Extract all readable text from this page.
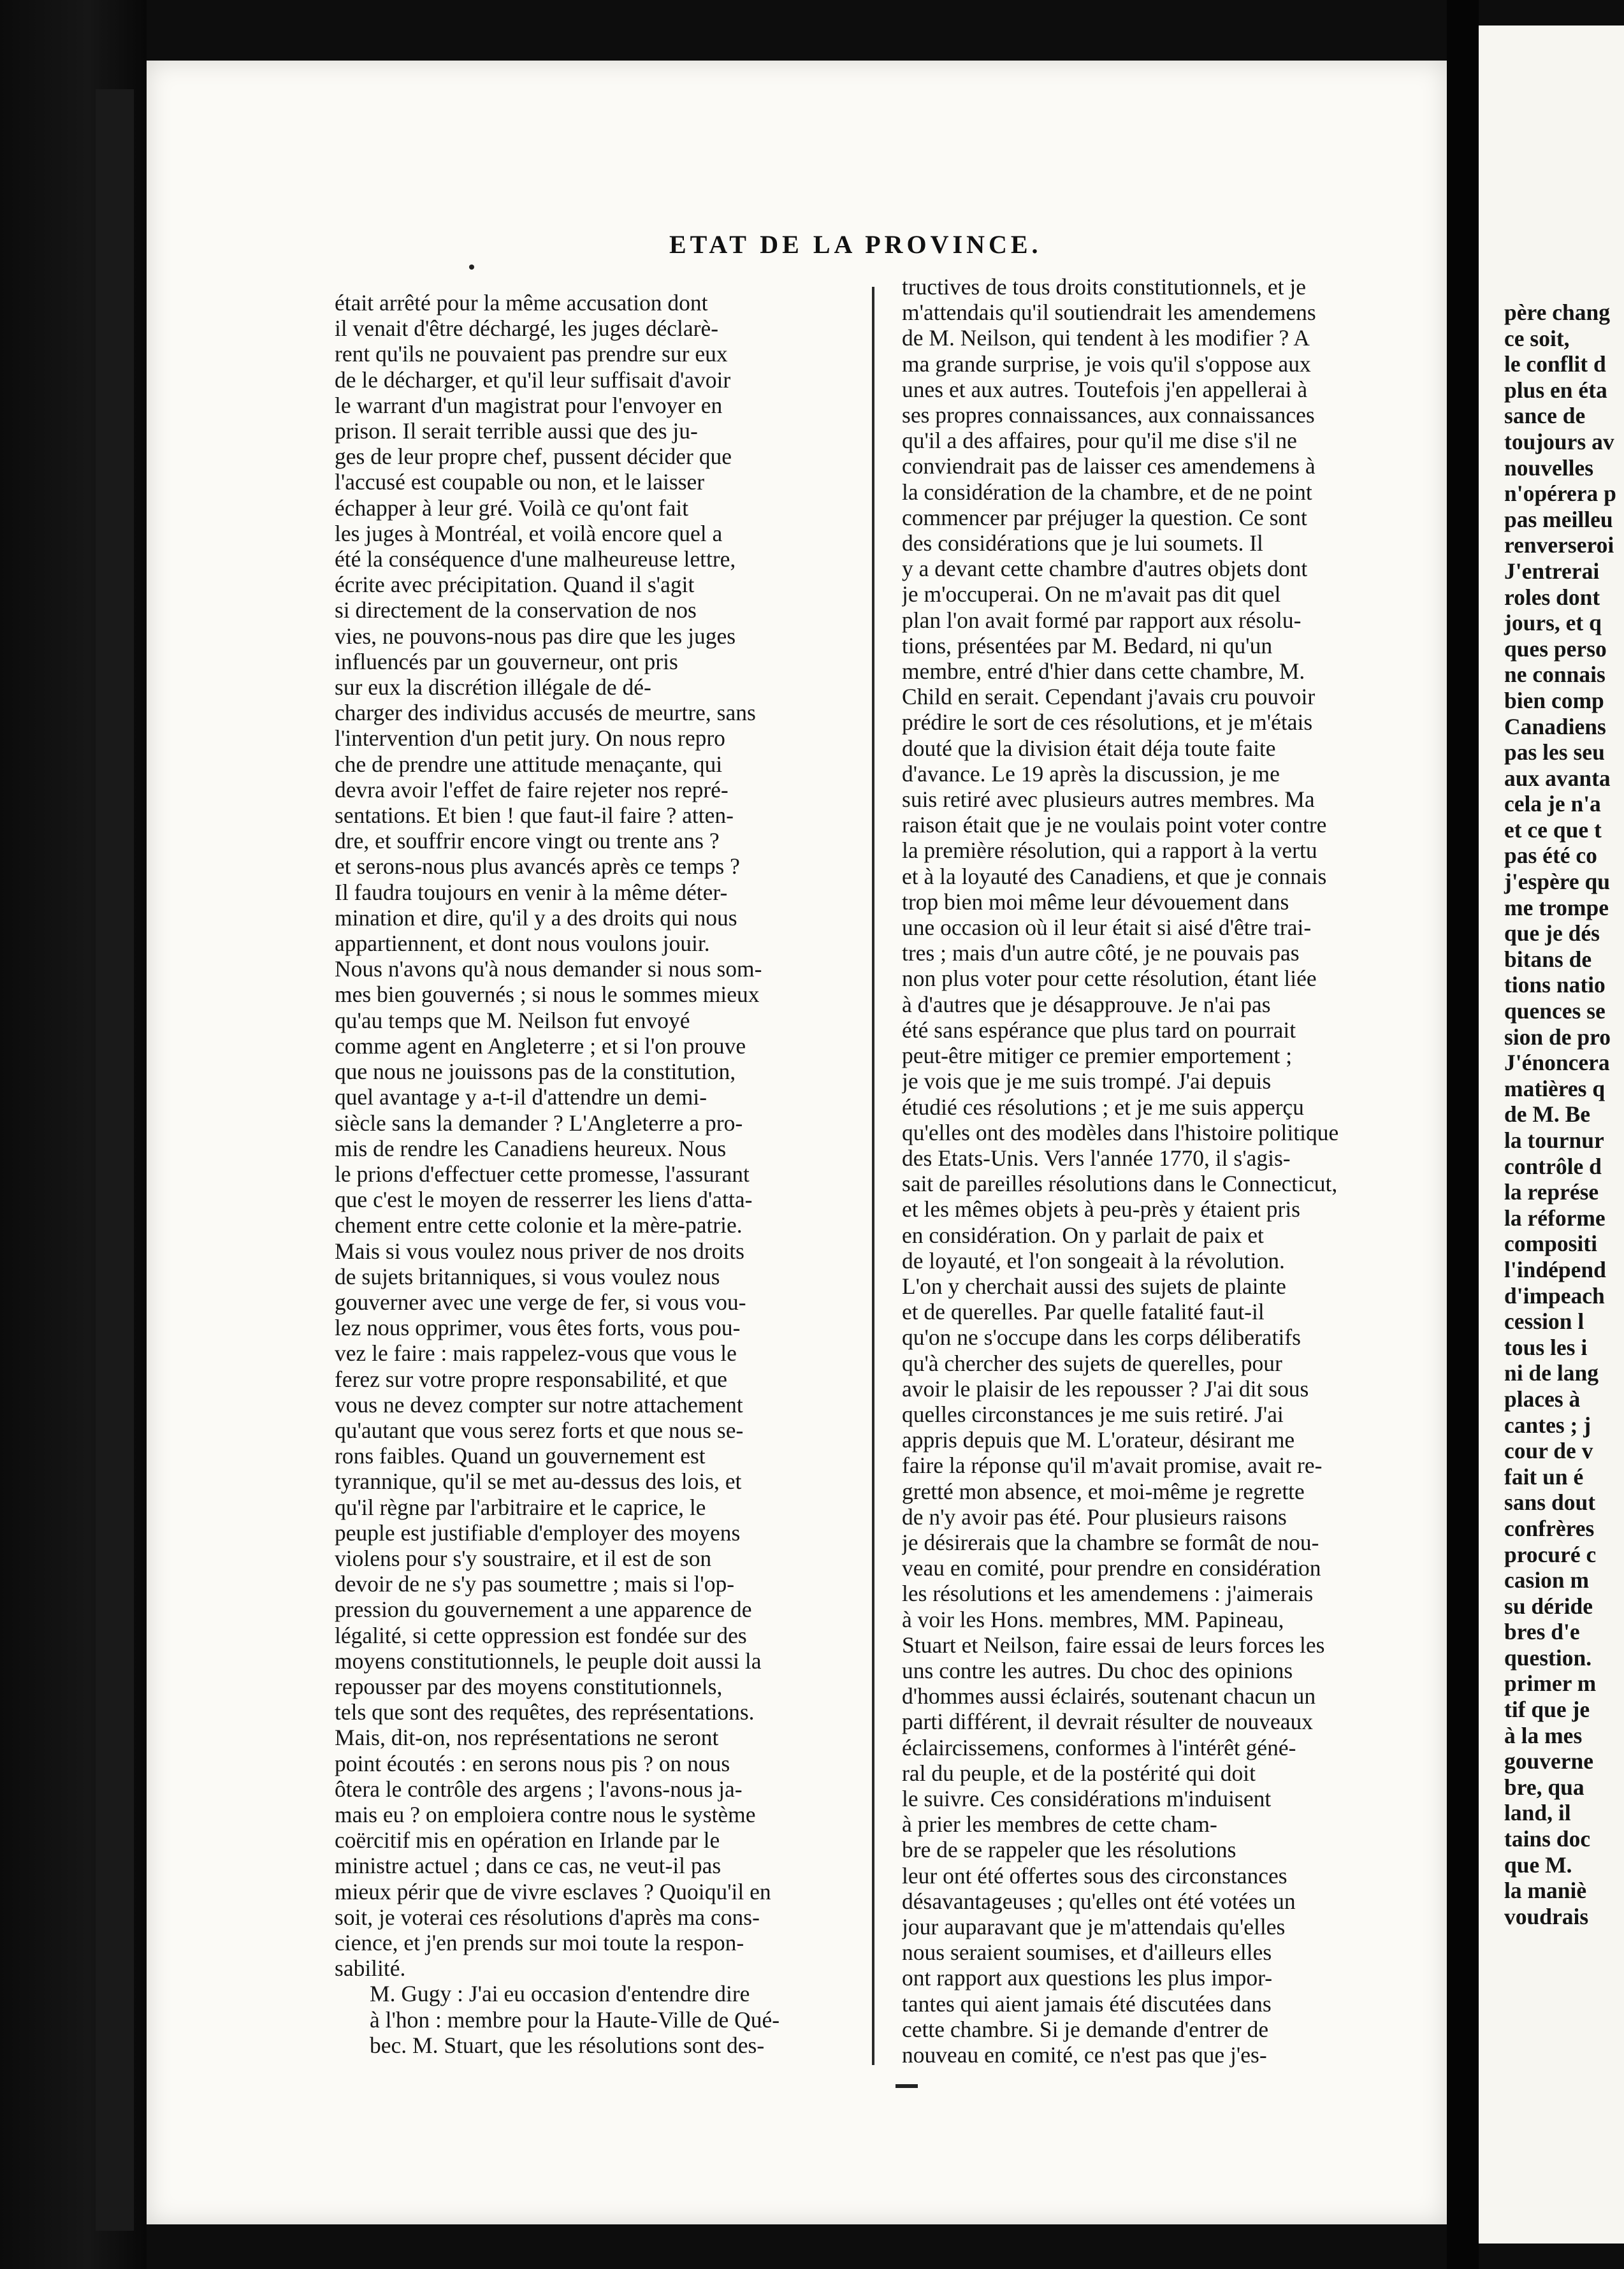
ETAT DE LA PROVINCE.

était arrêté pour la même accusation dont
il venait d'être déchargé, les juges déclarè-
rent qu'ils ne pouvaient pas prendre sur eux
de le décharger, et qu'il leur suffisait d'avoir
le warrant d'un magistrat pour l'envoyer en
prison. Il serait terrible aussi que des ju-
ges de leur propre chef, pussent décider que
l'accusé est coupable ou non, et le laisser
échapper à leur gré. Voilà ce qu'ont fait
les juges à Montréal, et voilà encore quel a
été la conséquence d'une malheureuse lettre,
écrite avec précipitation. Quand il s'agit
si directement de la conservation de nos
vies, ne pouvons-nous pas dire que les juges
influencés par un gouverneur, ont pris
sur eux la discrétion illégale de dé-
charger des individus accusés de meurtre, sans
l'intervention d'un petit jury. On nous repro
che de prendre une attitude menaçante, qui
devra avoir l'effet de faire rejeter nos repré-
sentations. Et bien ! que faut-il faire ? atten-
dre, et souffrir encore vingt ou trente ans ?
et serons-nous plus avancés après ce temps ?
Il faudra toujours en venir à la même déter-
mination et dire, qu'il y a des droits qui nous
appartiennent, et dont nous voulons jouir.
Nous n'avons qu'à nous demander si nous som-
mes bien gouvernés ; si nous le sommes mieux
qu'au temps que M. Neilson fut envoyé
comme agent en Angleterre ; et si l'on prouve
que nous ne jouissons pas de la constitution,
quel avantage y a-t-il d'attendre un demi-
siècle sans la demander ? L'Angleterre a pro-
mis de rendre les Canadiens heureux. Nous
le prions d'effectuer cette promesse, l'assurant
que c'est le moyen de resserrer les liens d'atta-
chement entre cette colonie et la mère-patrie.
Mais si vous voulez nous priver de nos droits
de sujets britanniques, si vous voulez nous
gouverner avec une verge de fer, si vous vou-
lez nous opprimer, vous êtes forts, vous pou-
vez le faire : mais rappelez-vous que vous le
ferez sur votre propre responsabilité, et que
vous ne devez compter sur notre attachement
qu'autant que vous serez forts et que nous se-
rons faibles. Quand un gouvernement est
tyrannique, qu'il se met au-dessus des lois, et
qu'il règne par l'arbitraire et le caprice, le
peuple est justifiable d'employer des moyens
violens pour s'y soustraire, et il est de son
devoir de ne s'y pas soumettre ; mais si l'op-
pression du gouvernement a une apparence de
légalité, si cette oppression est fondée sur des
moyens constitutionnels, le peuple doit aussi la
repousser par des moyens constitutionnels,
tels que sont des requêtes, des représentations.
Mais, dit-on, nos représentations ne seront
point écoutés : en serons nous pis ? on nous
ôtera le contrôle des argens ; l'avons-nous ja-
mais eu ? on emploiera contre nous le système
coërcitif mis en opération en Irlande par le
ministre actuel ; dans ce cas, ne veut-il pas
mieux périr que de vivre esclaves ? Quoiqu'il en
soit, je voterai ces résolutions d'après ma cons-
cience, et j'en prends sur moi toute la respon-
sabilité.

M. Gugy : J'ai eu occasion d'entendre dire
à l'hon : membre pour la Haute-Ville de Qué-
bec. M. Stuart, que les résolutions sont des-

tructives de tous droits constitutionnels, et je
m'attendais qu'il soutiendrait les amendemens
de M. Neilson, qui tendent à les modifier ? A
ma grande surprise, je vois qu'il s'oppose aux
unes et aux autres. Toutefois j'en appellerai à
ses propres connaissances, aux connaissances
qu'il a des affaires, pour qu'il me dise s'il ne
conviendrait pas de laisser ces amendemens à
la considération de la chambre, et de ne point
commencer par préjuger la question. Ce sont
des considérations que je lui soumets. Il
y a devant cette chambre d'autres objets dont
je m'occuperai. On ne m'avait pas dit quel
plan l'on avait formé par rapport aux résolu-
tions, présentées par M. Bedard, ni qu'un
membre, entré d'hier dans cette chambre, M.
Child en serait. Cependant j'avais cru pouvoir
prédire le sort de ces résolutions, et je m'étais
douté que la division était déja toute faite
d'avance. Le 19 après la discussion, je me
suis retiré avec plusieurs autres membres. Ma
raison était que je ne voulais point voter contre
la première résolution, qui a rapport à la vertu
et à la loyauté des Canadiens, et que je connais
trop bien moi même leur dévouement dans
une occasion où il leur était si aisé d'être trai-
tres ; mais d'un autre côté, je ne pouvais pas
non plus voter pour cette résolution, étant liée
à d'autres que je désapprouve. Je n'ai pas
été sans espérance que plus tard on pourrait
peut-être mitiger ce premier emportement ;
je vois que je me suis trompé. J'ai depuis
étudié ces résolutions ; et je me suis apperçu
qu'elles ont des modèles dans l'histoire politique
des Etats-Unis. Vers l'année 1770, il s'agis-
sait de pareilles résolutions dans le Connecticut,
et les mêmes objets à peu-près y étaient pris
en considération. On y parlait de paix et
de loyauté, et l'on songeait à la révolution.
L'on y cherchait aussi des sujets de plainte
et de querelles. Par quelle fatalité faut-il
qu'on ne s'occupe dans les corps déliberatifs
qu'à chercher des sujets de querelles, pour
avoir le plaisir de les repousser ? J'ai dit sous
quelles circonstances je me suis retiré. J'ai
appris depuis que M. L'orateur, désirant me
faire la réponse qu'il m'avait promise, avait re-
gretté mon absence, et moi-même je regrette
de n'y avoir pas été. Pour plusieurs raisons
je désirerais que la chambre se formât de nou-
veau en comité, pour prendre en considération
les résolutions et les amendemens : j'aimerais
à voir les Hons. membres, MM. Papineau,
Stuart et Neilson, faire essai de leurs forces les
uns contre les autres. Du choc des opinions
d'hommes aussi éclairés, soutenant chacun un
parti différent, il devrait résulter de nouveaux
éclaircissemens, conformes à l'intérêt géné-
ral du peuple, et de la postérité qui doit
le suivre. Ces considérations m'induisent
à prier les membres de cette cham-
bre de se rappeler que les résolutions
leur ont été offertes sous des circonstances
désavantageuses ; qu'elles ont été votées un
jour auparavant que je m'attendais qu'elles
nous seraient soumises, et d'ailleurs elles
ont rapport aux questions les plus impor-
tantes qui aient jamais été discutées dans
cette chambre. Si je demande d'entrer de
nouveau en comité, ce n'est pas que j'es-

père chang
ce soit,
le conflit d
plus en éta
sance de
toujours av
nouvelles
n'opérera p
pas meilleu
renverseroi
J'entrerai
roles dont
jours, et q
ques perso
ne connais
bien comp
Canadiens
pas les seu
aux avanta
cela je n'a
et ce que t
pas été co
j'espère qu
me trompe
que je dés
bitans de
tions natio
quences se
sion de pro
J'énoncera
matières q
de M. Be
la tournur
contrôle d
la représe
la réforme
compositi
l'indépend
d'impeach
cession l
tous les i
ni de lang
places à
cantes ; j
cour de v
fait un é
sans dout
confrères
procuré c
casion m
su déride
bres d'e
question.
primer m
tif que je
à la mes
gouverne
bre, qua
land, il
tains doc
que M.
la maniè
voudrais
